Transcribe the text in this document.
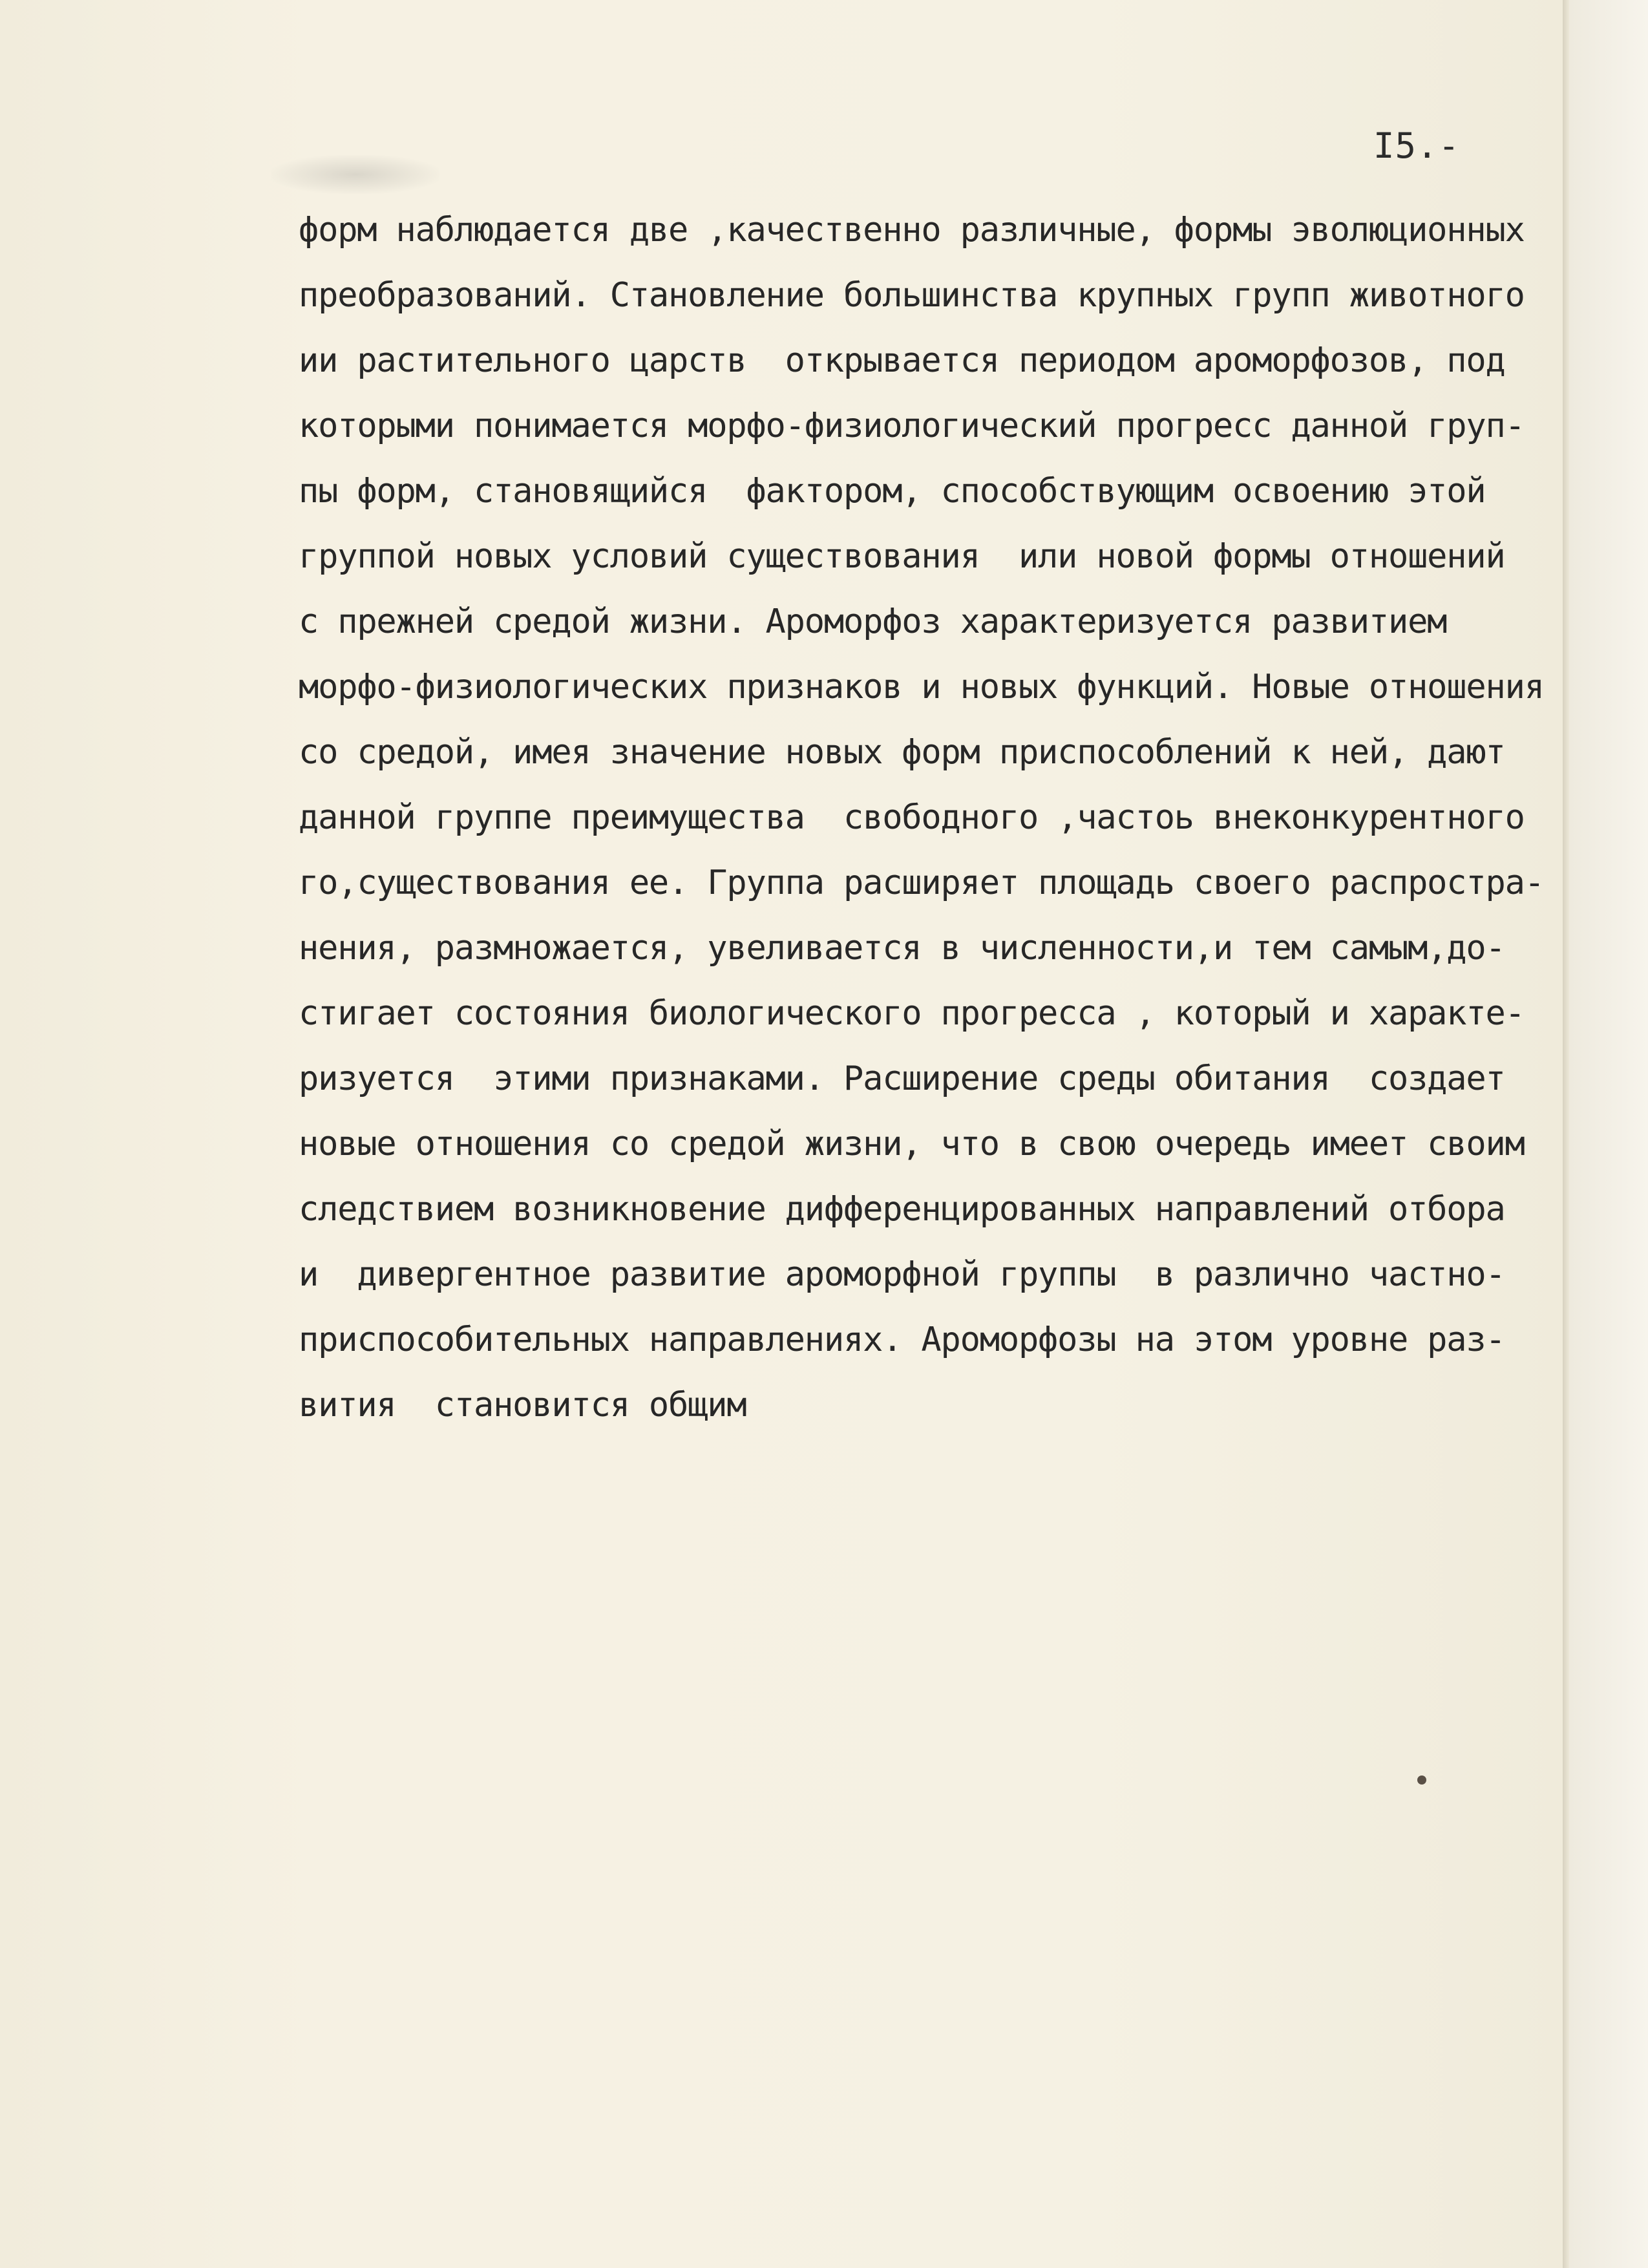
I5.-
форм наблюдается две ,качественно различные, формы эволюционных
преобразований. Становление большинства крупных групп животного
ии растительного царств  открывается периодом ароморфозов, под
которыми понимается морфо-физиологический прогресс данной груп-
пы форм, становящийся  фактором, способствующим освоению этой
группой новых условий существования  или новой формы отношений
с прежней средой жизни. Ароморфоз характеризуется развитием
морфо-физиологических признаков и новых функций. Новые отношения
со средой, имея значение новых форм приспособлений к ней, дают
данной группе преимущества  свободного ,частоь внеконкурентного
го,существования ее. Группа расширяет площадь своего распростра-
нения, размножается, увеливается в численности,и тем самым,до-
стигает состояния биологического прогресса , который и характе-
ризуется  этими признаками. Расширение среды обитания  создает
новые отношения со средой жизни, что в свою очередь имеет своим
следствием возникновение дифференцированных направлений отбора
и  дивергентное развитие ароморфной группы  в различно частно-
приспособительных направлениях. Ароморфозы на этом уровне раз-
вития  становится общим
